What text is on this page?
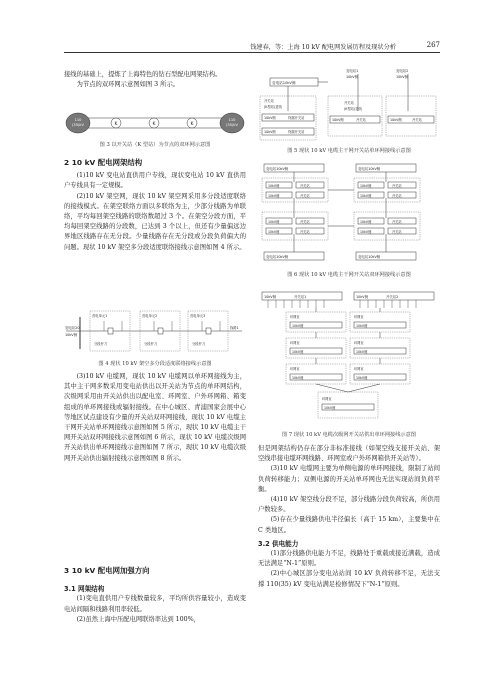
钱建春，等：上海 10 kV 配电网发展历程及现状分析	267

接线的基础上，提炼了上海特色的钻石型配电网架结构。

为节点的双环网示意图如图 3 所示。

110
(35)kV
110
(35)kV
K	K	K

图 3 以开关站（K 型站）为节点的双环网示意图

2 10 kV 配电网架结构

(1)10 kV 变电站直供用户专线，现状变电站 10 kV 直供用户专线具有一定规模。

(2)10 kV 架空网，现状 10 kV 架空网采用多分段适度联络的接线模式。在架空联络方面以多联络为主，少部分线路为单联络，平均每回架空线路的联络数超过 3 个。在架空分段方面，平均每回架空线路的分段数，已达到 3 个以上，但还有少量偏远边界地区线路存在无分段。少量线路存在无分段或分段负荷偏大的问题。现状 10 kV 架空多分段适度联络接线示意图如图 4 所示。

变电站20
10kV侧
首电单元1	首电单元2	首电单元3
分段杆刀	分段杆刀	分段杆刀
线路1

图 4 现状 10 kV 架空多分段适度联络接线示意图

(3)10 kV 电缆网，现状 10 kV 电缆网以单环网接线为主，其中主干网多数采用变电站供出以开关站为节点的单环网结构，次级网采用由开关站供出以配电室、环网室、户外环网箱、箱变组成的单环网接线或辐射接线。在中心城区、青浦国家会展中心等地区试点建设有少量的开关站双环网接线，现状 10 kV 电缆主干网开关站单环网接线示意图如图 5 所示，现状 10 kV 电缆主干网开关站双环网接线示意图如图 6 所示，现状 10 kV 电缆次级网开关站供出单环网接线示意图如图 7 所示，现状 10 kV 电缆次级网开关站供出辐射接线示意图如图 8 所示。

3 10 kV 配电网加强方向

3.1 网架结构

(1)变电直供用户专线数量较多，平均所供容量较小，造成变电站间隔和线路利用率较低。

(2)虽然上海中压配电网联络率达到 100%，

变电站10kV侧
变电站1	变电站2
10kV侧	10kV侧
开关站
(K型站)进线
开关站
(K型站)进线
10kV侧	终端开关站
10kV侧	终端开关站
10kV侧	开关站	10kV侧	开关站

图 5 现状 10 kV 电缆主干网开关站单环网接线示意图

变电站10kV侧	变电站10kV侧
变电站10kV侧	变电站10kV侧
10kV侧	开关站
10kV侧	开关站
10kV侧	开关站
10kV侧	开关站
10kV侧	开关站
10kV侧	开关站
10kV侧	开关站
10kV侧	开关站

图 6 现状 10 kV 电缆主干网开关站双环网接线示意图

10kV侧	开关站1	10kV侧	开关站2
环网室	环网室
环网室	环网室
环网室	环网室
环网室
10kV侧	10kV侧
10kV侧	10kV侧
10kV侧	10kV侧
10kV侧

图 7 现状 10 kV 电缆次级网开关站供出单环网接线示意图

但是网架结构仍存在部分非标准接线（如架空线支接开关站、架空线串接电缆环网线路、环网室或户外环网箱供开关站等）。

(3)10 kV 电缆网主要为单侧电源的单环网接线，限制了站间负荷转移能力；双侧电源的开关站单环网也无法实现站间负荷平衡。

(4)10 kV 架空线分段不足，部分线路分段负荷较高，所供用户数较多。

(5)存在少量线路供电半径偏长（高于 15 km），主要集中在 C 类地区。

3.2 供电能力

(1)部分线路供电能力不足，线路处于重载或接近满载，造成无法满足“N-1”原则。

(2)中心城区部分变电站站间 10 kV 负荷转移不足，无法支撑 110(35) kV 变电站满足检修情况下“N-1”原则。
